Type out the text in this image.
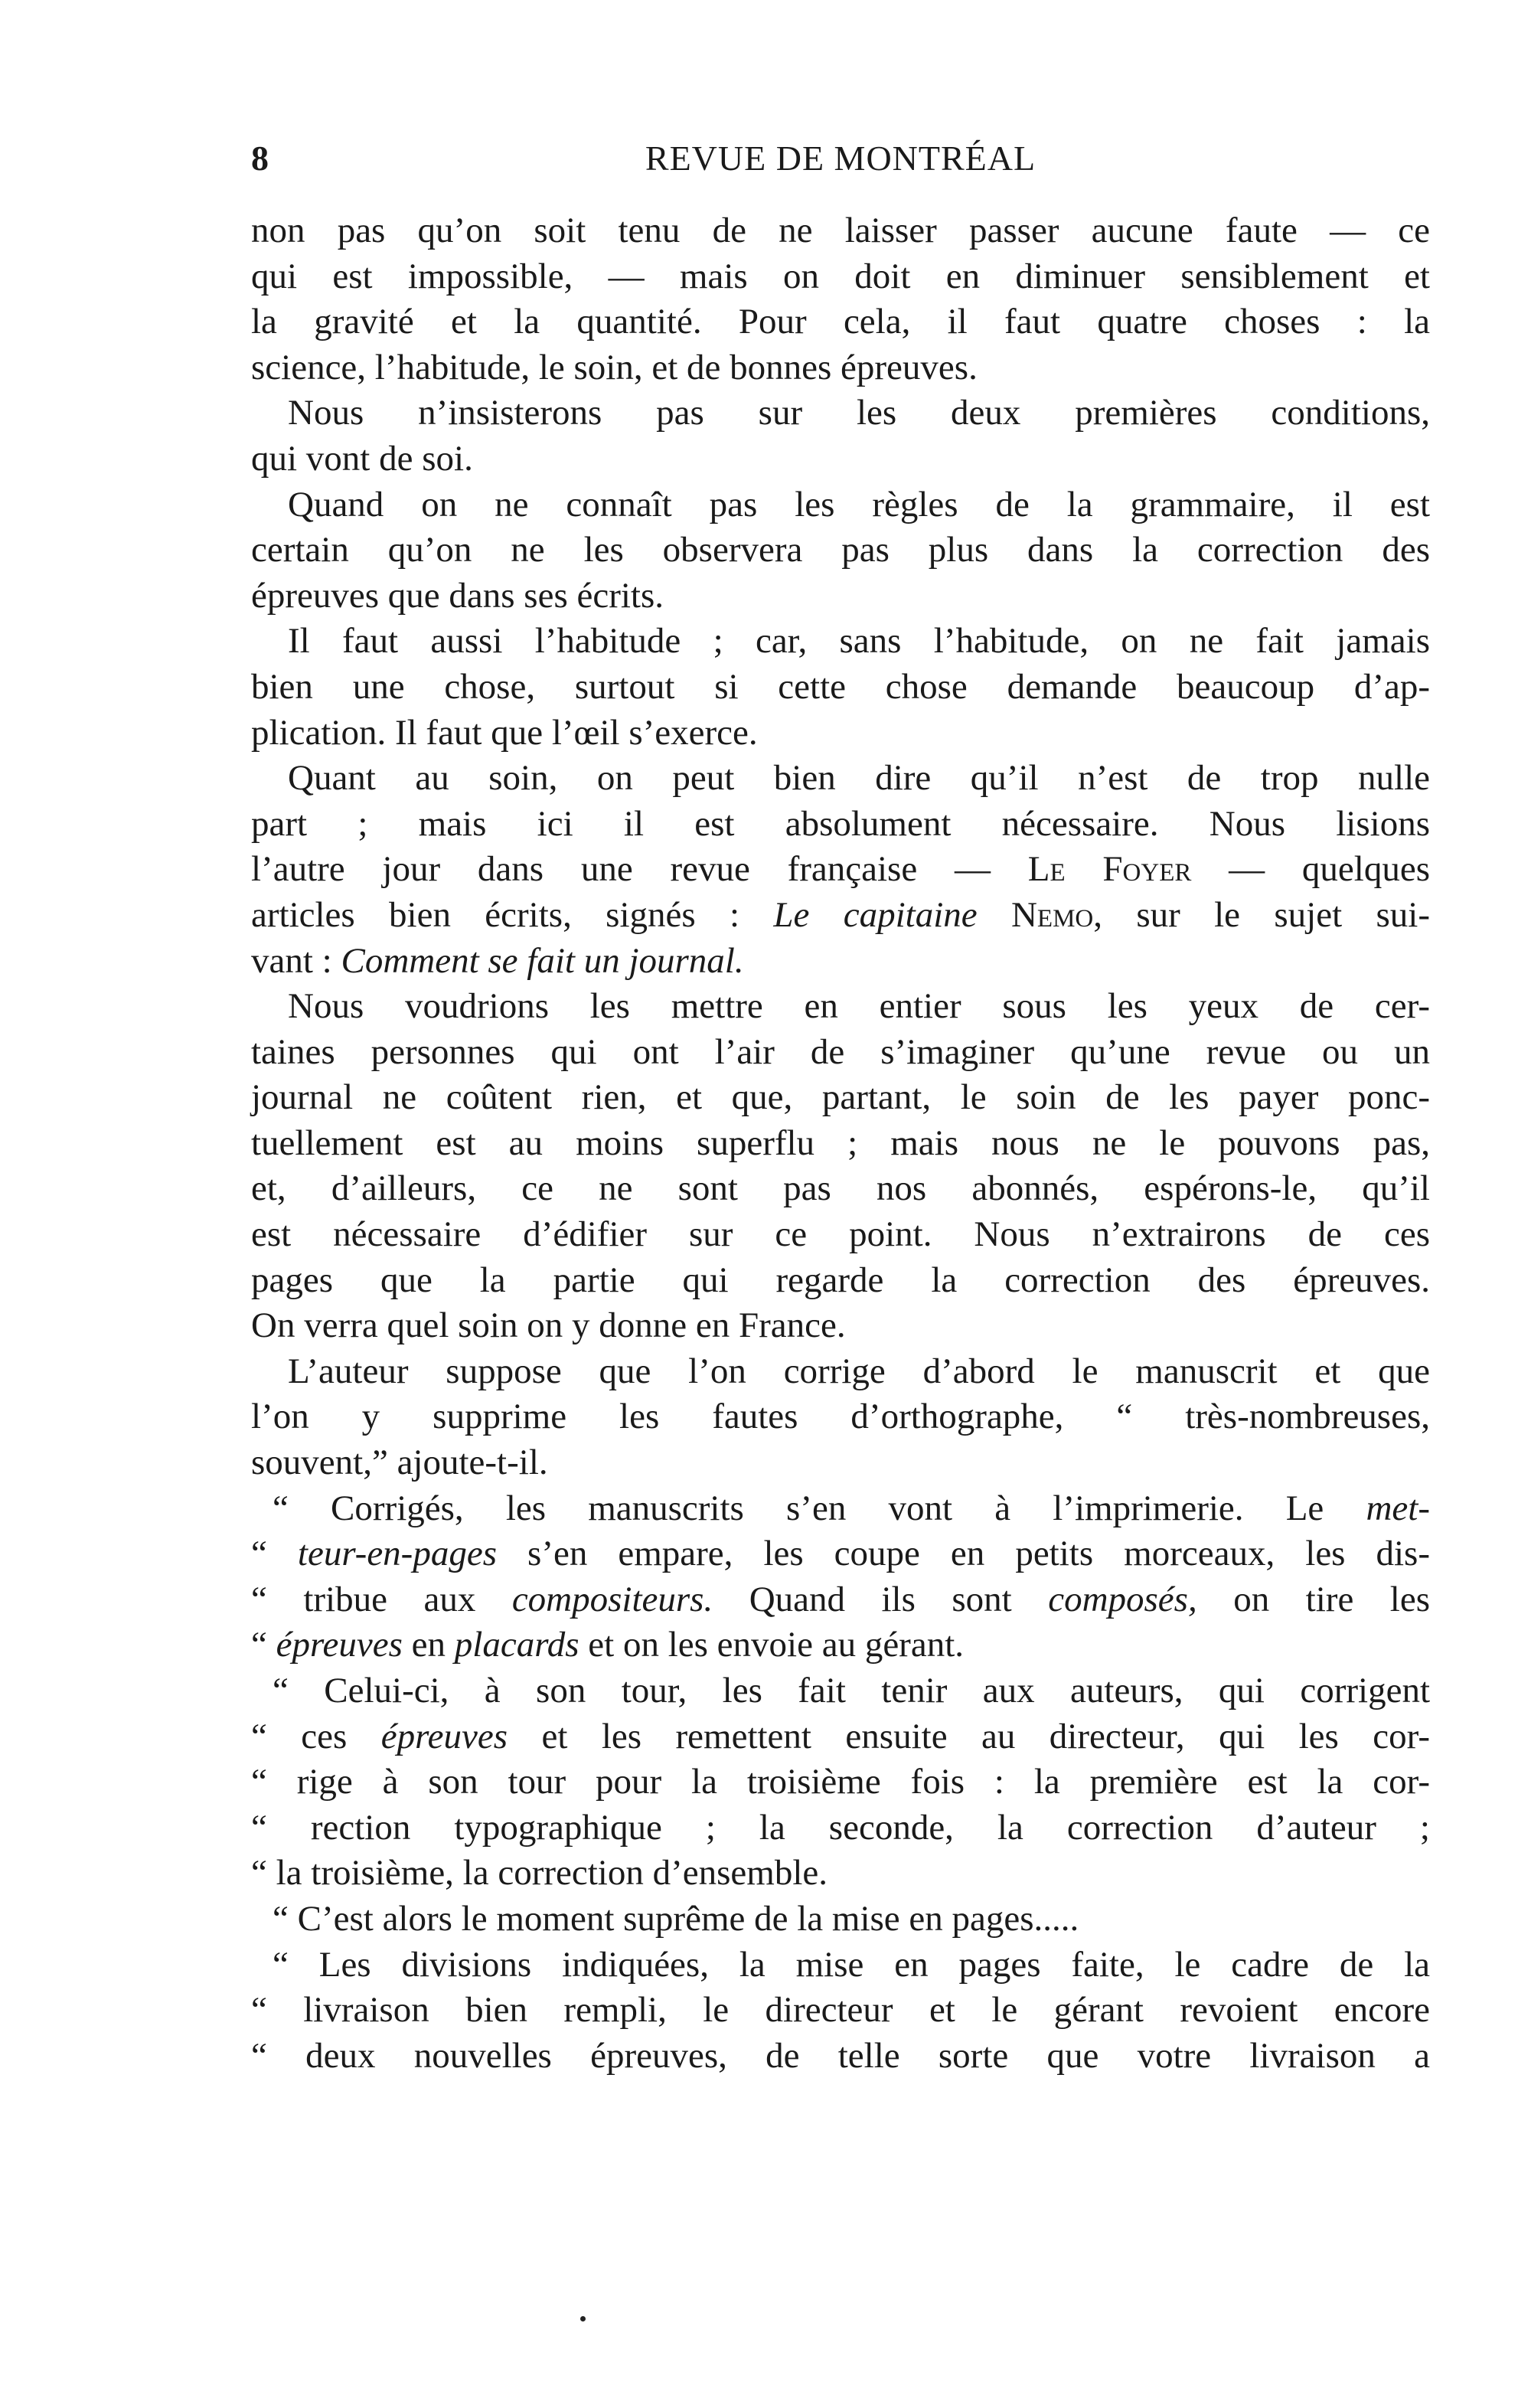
8	REVUE DE MONTRÉAL
non pas qu’on soit tenu de ne laisser passer aucune faute — ce
qui est impossible, — mais on doit en diminuer sensiblement et
la gravité et la quantité. Pour cela, il faut quatre choses : la
science, l’habitude, le soin, et de bonnes épreuves.
Nous n’insisterons pas sur les deux premières conditions,
qui vont de soi.
Quand on ne connaît pas les règles de la grammaire, il est
certain qu’on ne les observera pas plus dans la correction des
épreuves que dans ses écrits.
Il faut aussi l’habitude ; car, sans l’habitude, on ne fait jamais
bien une chose, surtout si cette chose demande beaucoup d’ap-
plication. Il faut que l’œil s’exerce.
Quant au soin, on peut bien dire qu’il n’est de trop nulle
part ; mais ici il est absolument nécessaire. Nous lisions
l’autre jour dans une revue française — Le Foyer — quelques
articles bien écrits, signés : Le capitaine Nemo, sur le sujet sui-
vant : Comment se fait un journal.
Nous voudrions les mettre en entier sous les yeux de cer-
taines personnes qui ont l’air de s’imaginer qu’une revue ou un
journal ne coûtent rien, et que, partant, le soin de les payer ponc-
tuellement est au moins superflu ; mais nous ne le pouvons pas,
et, d’ailleurs, ce ne sont pas nos abonnés, espérons-le, qu’il
est nécessaire d’édifier sur ce point. Nous n’extrairons de ces
pages que la partie qui regarde la correction des épreuves.
On verra quel soin on y donne en France.
L’auteur suppose que l’on corrige d’abord le manuscrit et que
l’on y supprime les fautes d’orthographe, “ très-nombreuses,
souvent,” ajoute-t-il.
“ Corrigés, les manuscrits s’en vont à l’imprimerie. Le met-
“ teur-en-pages s’en empare, les coupe en petits morceaux, les dis-
“ tribue aux compositeurs. Quand ils sont composés, on tire les
“ épreuves en placards et on les envoie au gérant.
“ Celui-ci, à son tour, les fait tenir aux auteurs, qui corrigent
“ ces épreuves et les remettent ensuite au directeur, qui les cor-
“ rige à son tour pour la troisième fois : la première est la cor-
“ rection typographique ; la seconde, la correction d’auteur ;
“ la troisième, la correction d’ensemble.
“ C’est alors le moment suprême de la mise en pages.....
“ Les divisions indiquées, la mise en pages faite, le cadre de la
“ livraison bien rempli, le directeur et le gérant revoient encore
“ deux nouvelles épreuves, de telle sorte que votre livraison a
